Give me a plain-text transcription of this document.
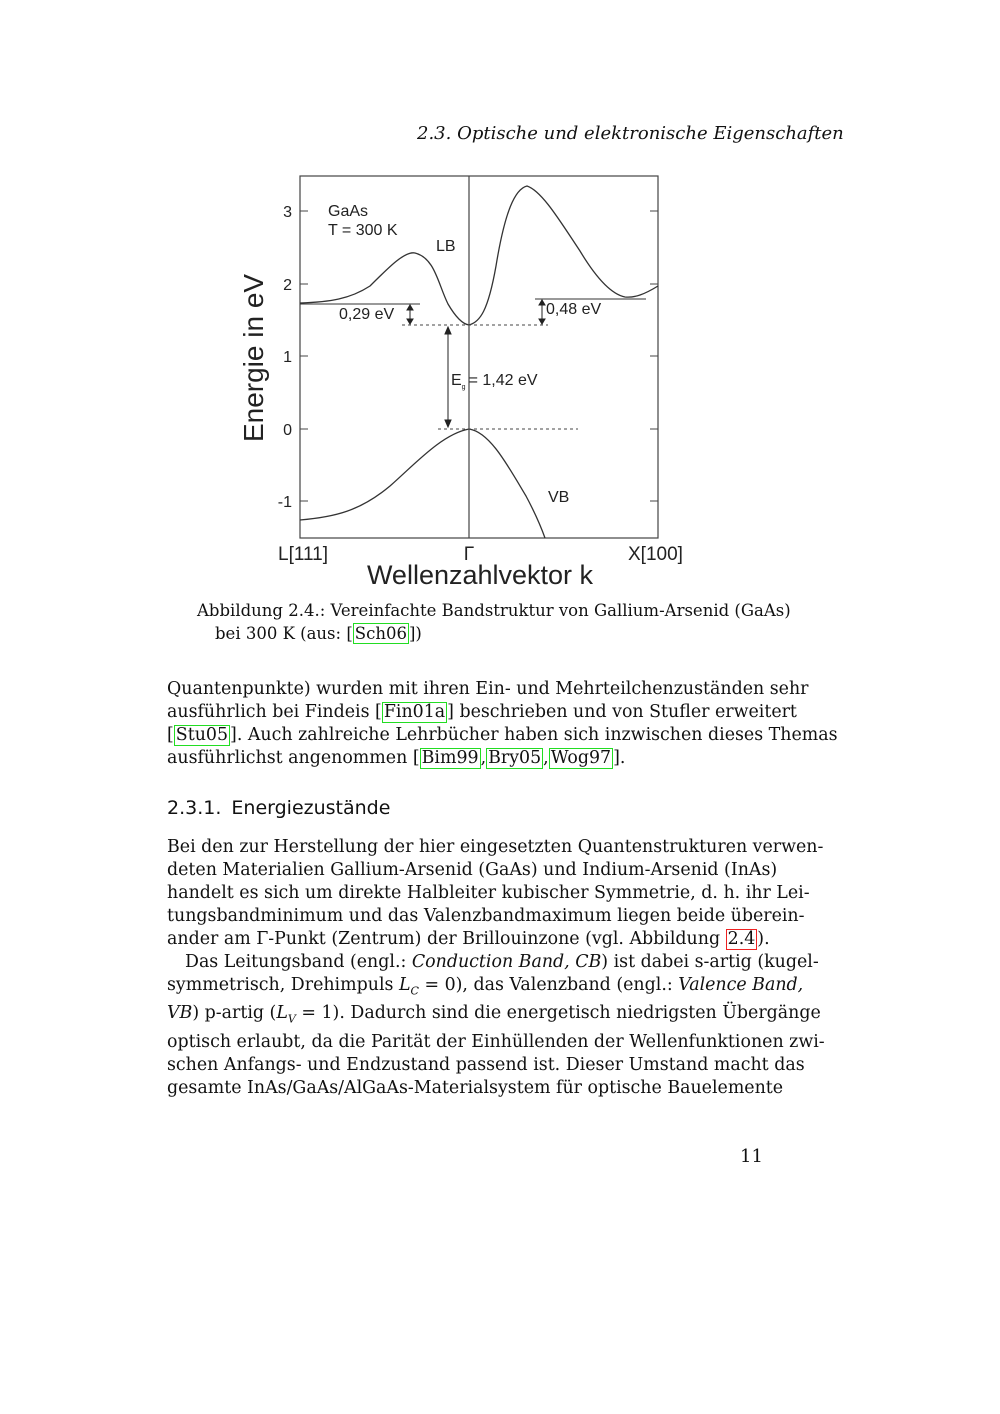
2.3. Optische und elektronische Eigenschaften
3
2
1
0
-1
Energie in eV
L[111]	Γ	X[100]
Wellenzahlvektor k
GaAs
T = 300 K
LB
VB
0,29 eV	0,48 eV
$E_g = 1,42$ eV
Abbildung 2.4.: Vereinfachte Bandstruktur von Gallium-Arsenid (GaAs)
bei 300 K (aus: [ Sch06 ])
Quantenpunkte) wurden mit ihren Ein- und Mehrteilchenzuständen sehr
ausführlich bei Findeis [ Fin01a ] beschrieben und von Stufler erweitert
[ Stu05 ]. Auch zahlreiche Lehrbücher haben sich inzwischen dieses Themas
ausführlichst angenommen [ Bim99 , Bry05 , Wog97 ].
2.3.1. Energiezustände
Bei den zur Herstellung der hier eingesetzten Quantenstrukturen verwen-
deten Materialien Gallium-Arsenid (GaAs) und Indium-Arsenid (InAs)
handelt es sich um direkte Halbleiter kubischer Symmetrie, d. h. ihr Lei-
tungsbandminimum und das Valenzbandmaximum liegen beide überein-
ander am Γ-Punkt (Zentrum) der Brillouinzone (vgl. Abbildung 2.4 ).
Das Leitungsband (engl.: Conduction Band, CB) ist dabei s-artig (kugel-
symmetrisch, Drehimpuls $L_C = 0$), das Valenzband (engl.: Valence Band,
VB) p-artig $(L_V = 1)$. Dadurch sind die energetisch niedrigsten Übergänge
optisch erlaubt, da die Parität der Einhüllenden der Wellenfunktionen zwi-
schen Anfangs- und Endzustand passend ist. Dieser Umstand macht das
gesamte InAs/GaAs/AlGaAs-Materialsystem für optische Bauelemente
11
